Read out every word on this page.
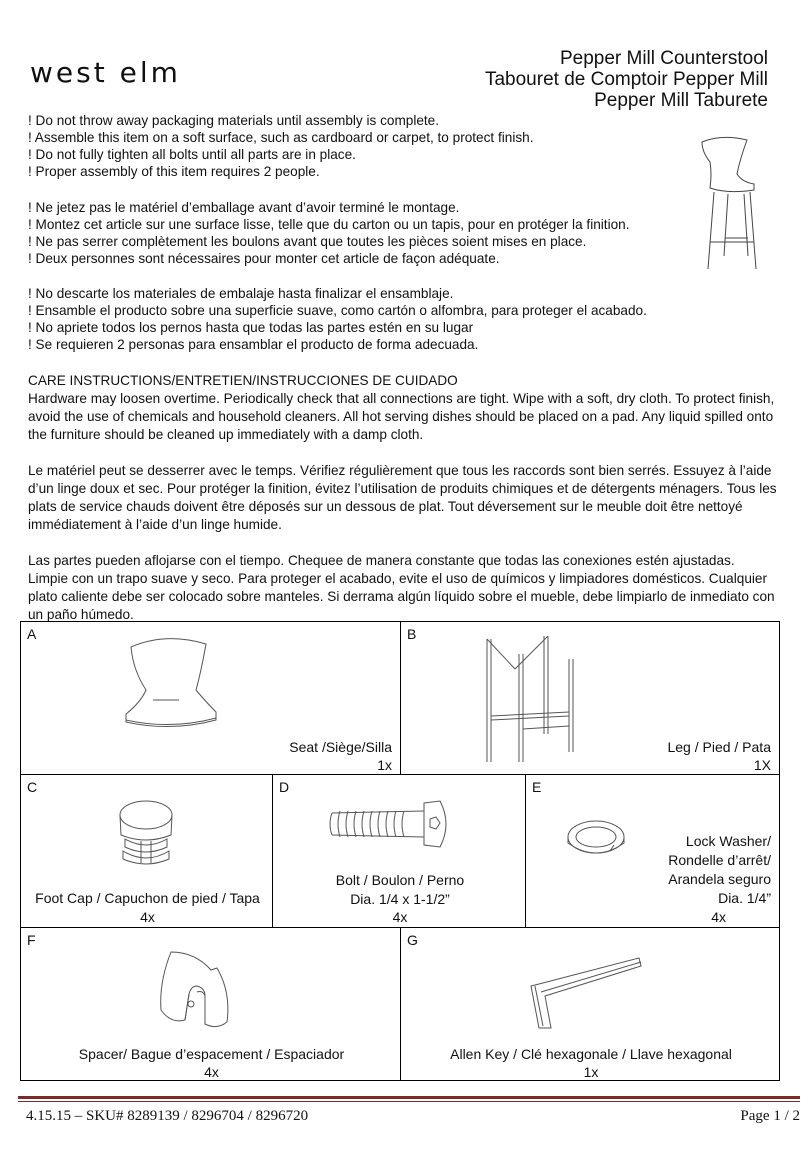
west elm	Pepper Mill Counterstool
Tabouret de Comptoir Pepper Mill
Pepper Mill Taburete

! Do not throw away packaging materials until assembly is complete.

! Assemble this item on a soft surface, such as cardboard or carpet, to protect finish.

! Do not fully tighten all bolts until all parts are in place.

! Proper assembly of this item requires 2 people.

! Ne jetez pas le matériel d’emballage avant d’avoir terminé le montage.

! Montez cet article sur une surface lisse, telle que du carton ou un tapis, pour en protéger la finition.

! Ne pas serrer complètement les boulons avant que toutes les pièces soient mises en place.

! Deux personnes sont nécessaires pour monter cet article de façon adéquate.

! No descarte los materiales de embalaje hasta finalizar el ensamblaje.

! Ensamble el producto sobre una superficie suave, como cartón o alfombra, para proteger el acabado.

! No apriete todos los pernos hasta que todas las partes estén en su lugar

! Se requieren 2 personas para ensamblar el producto de forma adecuada.

CARE INSTRUCTIONS/ENTRETIEN/INSTRUCCIONES DE CUIDADO

Hardware may loosen overtime. Periodically check that all connections are tight. Wipe with a soft, dry cloth. To protect finish, avoid the use of chemicals and household cleaners. All hot serving dishes should be placed on a pad. Any liquid spilled onto the furniture should be cleaned up immediately with a damp cloth.

Le matériel peut se desserrer avec le temps. Vérifiez régulièrement que tous les raccords sont bien serrés. Essuyez à l’aide d’un linge doux et sec. Pour protéger la finition, évitez l’utilisation de produits chimiques et de détergents ménagers. Tous les plats de service chauds doivent être déposés sur un dessous de plat. Tout déversement sur le meuble doit être nettoyé immédiatement à l’aide d’un linge humide.

Las partes pueden aflojarse con el tiempo. Chequee de manera constante que todas las conexiones estén ajustadas. Limpie con un trapo suave y seco. Para proteger el acabado, evite el uso de químicos y limpiadores domésticos. Cualquier plato caliente debe ser colocado sobre manteles. Si derrama algún líquido sobre el mueble, debe limpiarlo de inmediato con un paño húmedo.

A
Seat /Siège/Silla
1x
B
Leg / Pied / Pata
1X
C
Foot Cap / Capuchon de pied / Tapa
4x
D
Bolt / Boulon / Perno
Dia. 1/4 x 1-1/2”
4x
E
Lock Washer/
Rondelle d’arrêt/
Arandela seguro
Dia. 1/4”
4x
F
Spacer/ Bague d’espacement / Espaciador
4x
G
Allen Key / Clé hexagonale / Llave hexagonal
1x
4.15.15 – SKU# 8289139 / 8296704 / 8296720	Page 1 / 2
